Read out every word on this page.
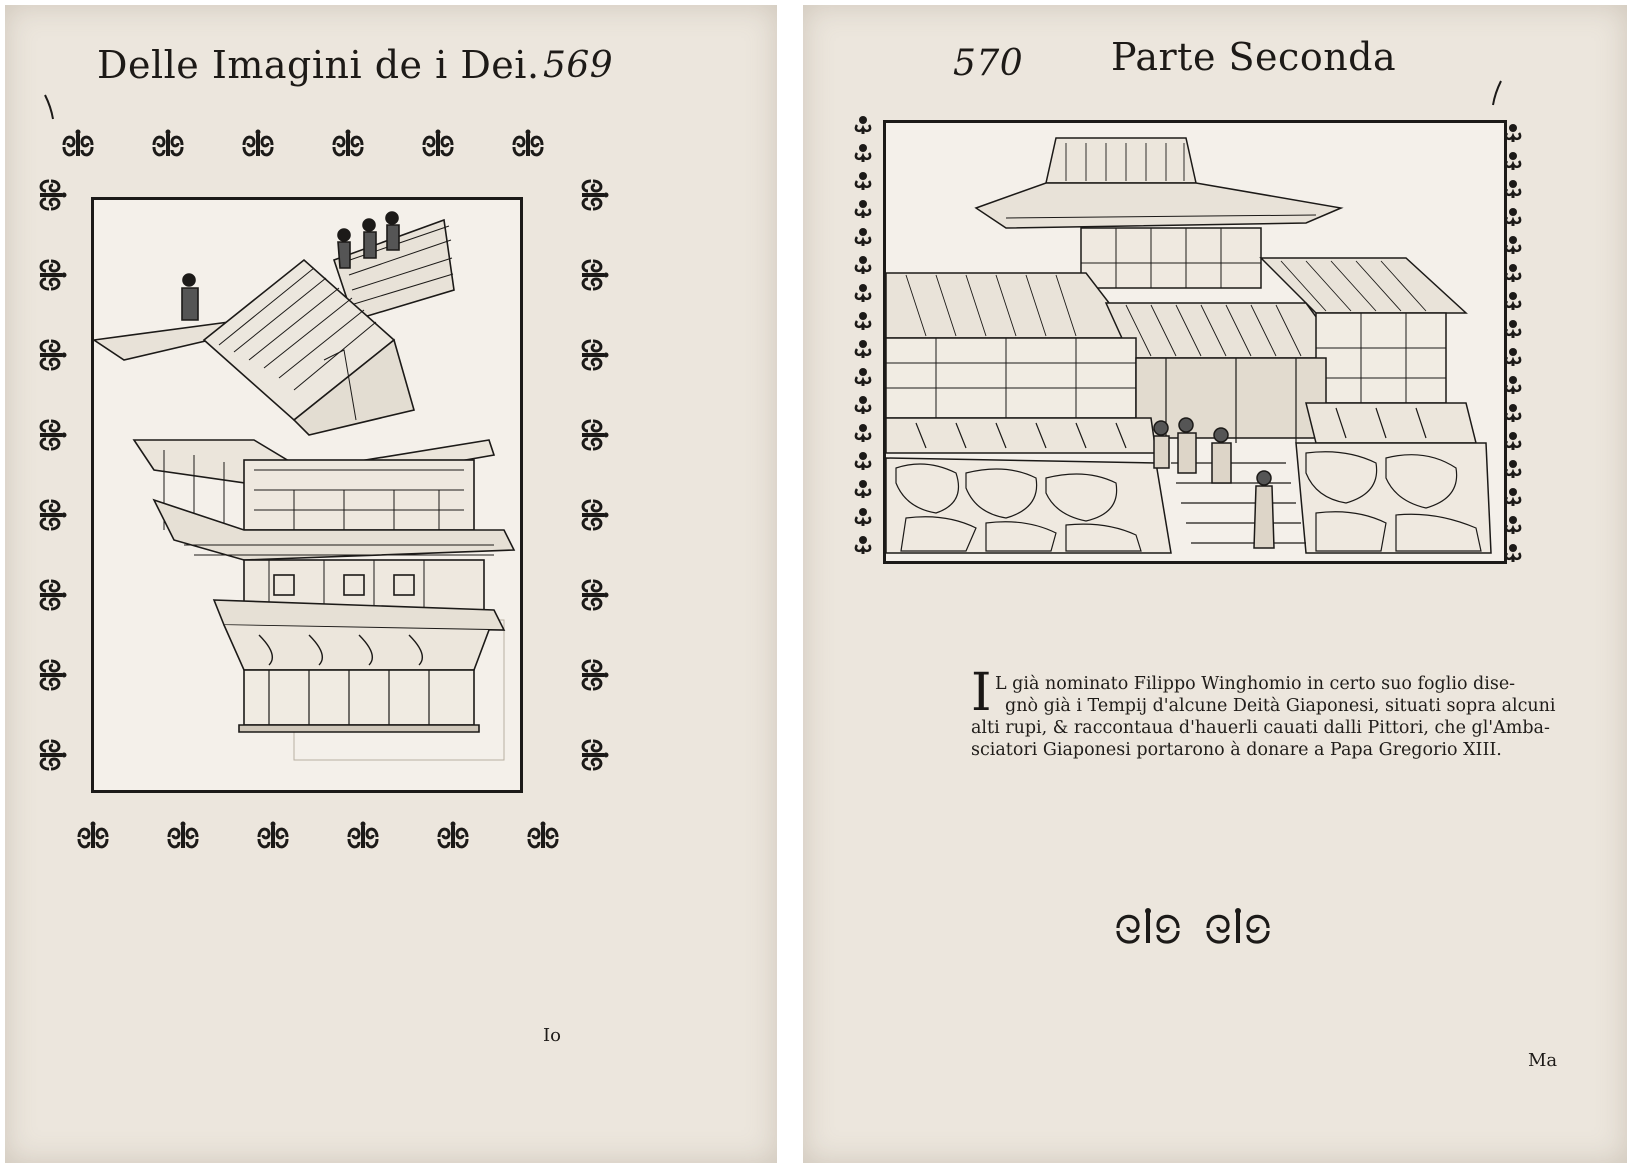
Delle Imagini de i Dei. 569
Io
570 Parte Seconda
I L già nominato Filippo Winghomio in certo suo foglio dise-
gnò già i Tempij d'alcune Deità Giaponesi, situati sopra alcuni
alti rupi, & raccontaua d'hauerli cauati dalli Pittori, che gl'Amba-
sciatori Giaponesi portarono à donare a Papa Gregorio XIII.
Ma
